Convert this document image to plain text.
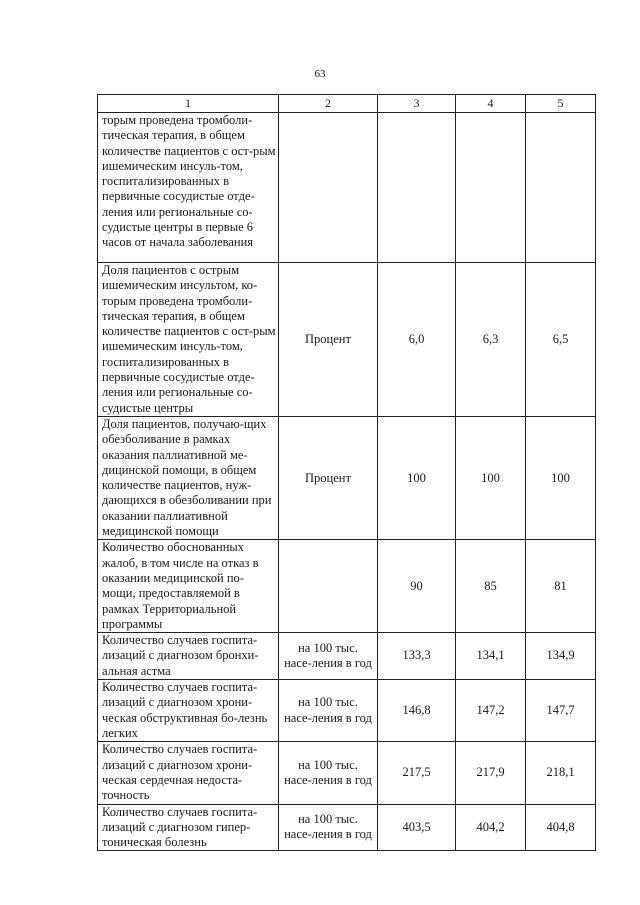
63
1	2	3	4	5
торым проведена тромболи-тическая терапия, в общем количестве пациентов с ост-рым ишемическим инсуль-том, госпитализированных в первичные сосудистые отде-ления или региональные со-судистые центры в первые 6 часов от начала заболевания				
Доля пациентов с острым ишемическим инсультом, ко-торым проведена тромболи-тическая терапия, в общем количестве пациентов с ост-рым ишемическим инсуль-том, госпитализированных в первичные сосудистые отде-ления или региональные со-судистые центры	Процент	6,0	6,3	6,5
Доля пациентов, получаю-щих обезболивание в рамках оказания паллиативной ме-дицинской помощи, в общем количестве пациентов, нуж-дающихся в обезболивании при оказании паллиативной медицинской помощи	Процент	100	100	100
Количество обоснованных жалоб, в том числе на отказ в оказании медицинской по-мощи, предоставляемой в рамках Территориальной программы		90	85	81
Количество случаев госпита-лизаций с диагнозом бронхи-альная астма	на 100 тыс. насе-ления в год	133,3	134,1	134,9
Количество случаев госпита-лизаций с диагнозом хрони-ческая обструктивная бо-лезнь легких	на 100 тыс. насе-ления в год	146,8	147,2	147,7
Количество случаев госпита-лизаций с диагнозом хрони-ческая сердечная недоста-точность	на 100 тыс. насе-ления в год	217,5	217,9	218,1
Количество случаев госпита-лизаций с диагнозом гипер-тоническая болезнь	на 100 тыс. насе-ления в год	403,5	404,2	404,8
